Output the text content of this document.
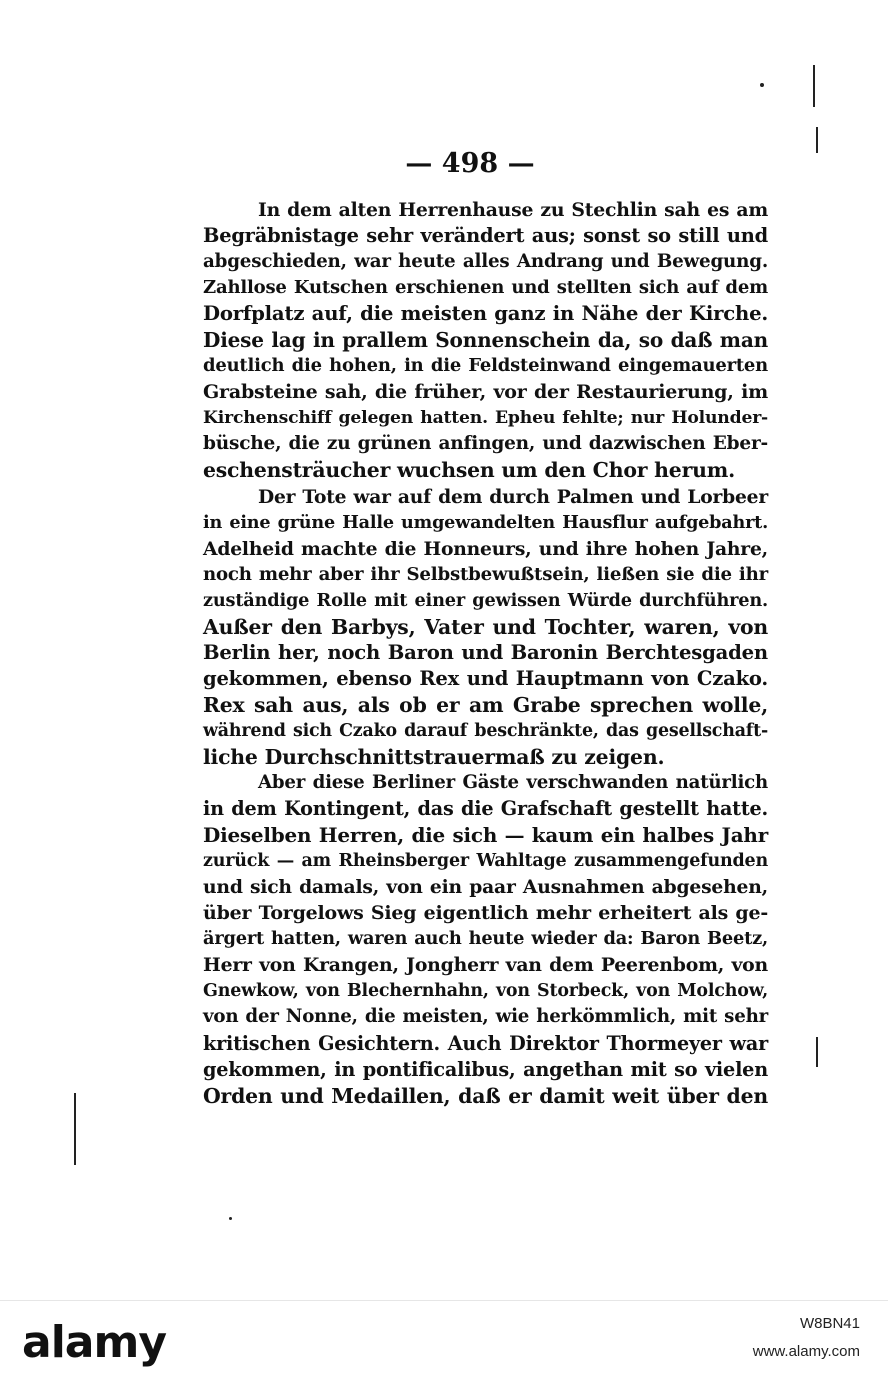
— 498 —
In dem alten Herrenhause zu Stechlin sah es am
Begräbnistage sehr verändert aus; sonst so still und
abgeschieden, war heute alles Andrang und Bewegung.
Zahllose Kutschen erschienen und stellten sich auf dem
Dorfplatz auf, die meisten ganz in Nähe der Kirche.
Diese lag in prallem Sonnenschein da, so daß man
deutlich die hohen, in die Feldsteinwand eingemauerten
Grabsteine sah, die früher, vor der Restaurierung, im
Kirchenschiff gelegen hatten. Epheu fehlte; nur Holunder-
büsche, die zu grünen anfingen, und dazwischen Eber-
eschensträucher wuchsen um den Chor herum.
Der Tote war auf dem durch Palmen und Lorbeer
in eine grüne Halle umgewandelten Hausflur aufgebahrt.
Adelheid machte die Honneurs, und ihre hohen Jahre,
noch mehr aber ihr Selbstbewußtsein, ließen sie die ihr
zuständige Rolle mit einer gewissen Würde durchführen.
Außer den Barbys, Vater und Tochter, waren, von
Berlin her, noch Baron und Baronin Berchtesgaden
gekommen, ebenso Rex und Hauptmann von Czako.
Rex sah aus, als ob er am Grabe sprechen wolle,
während sich Czako darauf beschränkte, das gesellschaft-
liche Durchschnittstrauermaß zu zeigen.
Aber diese Berliner Gäste verschwanden natürlich
in dem Kontingent, das die Grafschaft gestellt hatte.
Dieselben Herren, die sich — kaum ein halbes Jahr
zurück — am Rheinsberger Wahltage zusammengefunden
und sich damals, von ein paar Ausnahmen abgesehen,
über Torgelows Sieg eigentlich mehr erheitert als ge-
ärgert hatten, waren auch heute wieder da: Baron Beetz,
Herr von Krangen, Jongherr van dem Peerenbom, von
Gnewkow, von Blechernhahn, von Storbeck, von Molchow,
von der Nonne, die meisten, wie herkömmlich, mit sehr
kritischen Gesichtern. Auch Direktor Thormeyer war
gekommen, in pontificalibus, angethan mit so vielen
Orden und Medaillen, daß er damit weit über den
alamy	W8BN41
www.alamy.com
